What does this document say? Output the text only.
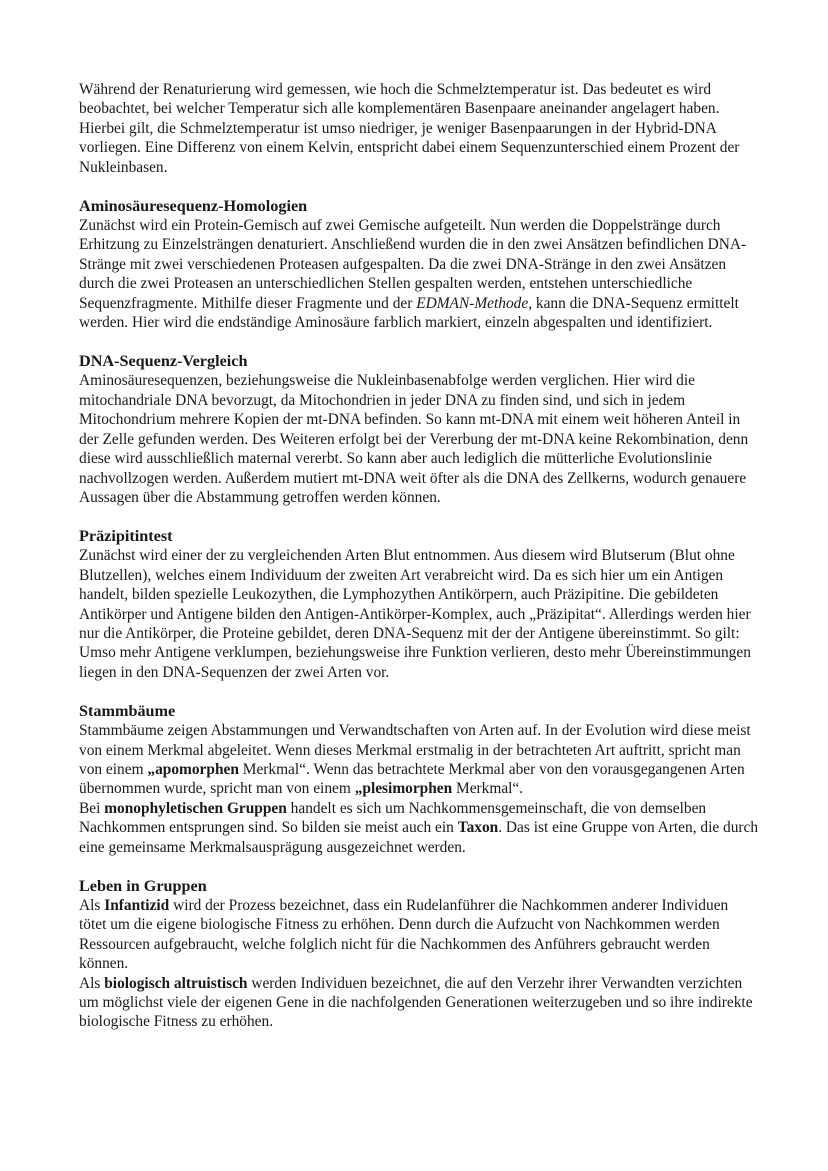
Während der Renaturierung wird gemessen, wie hoch die Schmelztemperatur ist. Das bedeutet es wird beobachtet, bei welcher Temperatur sich alle komplementären Basenpaare aneinander angelagert haben. Hierbei gilt, die Schmelztemperatur ist umso niedriger, je weniger Basenpaarungen in der Hybrid-DNA vorliegen. Eine Differenz von einem Kelvin, entspricht dabei einem Sequenzunterschied einem Prozent der Nukleinbasen.

Aminosäuresequenz-Homologien

Zunächst wird ein Protein-Gemisch auf zwei Gemische aufgeteilt. Nun werden die Doppelstränge durch Erhitzung zu Einzelsträngen denaturiert. Anschließend wurden die in den zwei Ansätzen befindlichen DNA-Stränge mit zwei verschiedenen Proteasen aufgespalten. Da die zwei DNA-Stränge in den zwei Ansätzen durch die zwei Proteasen an unterschiedlichen Stellen gespalten werden, entstehen unterschiedliche Sequenzfragmente. Mithilfe dieser Fragmente und der EDMAN-Methode, kann die DNA-Sequenz ermittelt werden. Hier wird die endständige Aminosäure farblich markiert, einzeln abgespalten und identifiziert.

DNA-Sequenz-Vergleich

Aminosäuresequenzen, beziehungsweise die Nukleinbasenabfolge werden verglichen. Hier wird die mitochandriale DNA bevorzugt, da Mitochondrien in jeder DNA zu finden sind, und sich in jedem Mitochondrium mehrere Kopien der mt-DNA befinden. So kann mt-DNA mit einem weit höheren Anteil in der Zelle gefunden werden. Des Weiteren erfolgt bei der Vererbung der mt-DNA keine Rekombination, denn diese wird ausschließlich maternal vererbt. So kann aber auch lediglich die mütterliche Evolutionslinie nachvollzogen werden. Außerdem mutiert mt-DNA weit öfter als die DNA des Zellkerns, wodurch genauere Aussagen über die Abstammung getroffen werden können.

Präzipitintest

Zunächst wird einer der zu vergleichenden Arten Blut entnommen. Aus diesem wird Blutserum (Blut ohne Blutzellen), welches einem Individuum der zweiten Art verabreicht wird. Da es sich hier um ein Antigen handelt, bilden spezielle Leukozythen, die Lymphozythen Antikörpern, auch Präzipitine. Die gebildeten Antikörper und Antigene bilden den Antigen-Antikörper-Komplex, auch „Präzipitat“. Allerdings werden hier nur die Antikörper, die Proteine gebildet, deren DNA-Sequenz mit der der Antigene übereinstimmt. So gilt: Umso mehr Antigene verklumpen, beziehungsweise ihre Funktion verlieren, desto mehr Übereinstimmungen liegen in den DNA-Sequenzen der zwei Arten vor.

Stammbäume

Stammbäume zeigen Abstammungen und Verwandtschaften von Arten auf. In der Evolution wird diese meist von einem Merkmal abgeleitet. Wenn dieses Merkmal erstmalig in der betrachteten Art auftritt, spricht man von einem „apomorphen Merkmal“. Wenn das betrachtete Merkmal aber von den vorausgegangenen Arten übernommen wurde, spricht man von einem „plesimorphen Merkmal“.

Bei monophyletischen Gruppen handelt es sich um Nachkommensgemeinschaft, die von demselben Nachkommen entsprungen sind. So bilden sie meist auch ein Taxon. Das ist eine Gruppe von Arten, die durch eine gemeinsame Merkmalsausprägung ausgezeichnet werden.

Leben in Gruppen

Als Infantizid wird der Prozess bezeichnet, dass ein Rudelanführer die Nachkommen anderer Individuen tötet um die eigene biologische Fitness zu erhöhen. Denn durch die Aufzucht von Nachkommen werden Ressourcen aufgebraucht, welche folglich nicht für die Nachkommen des Anführers gebraucht werden können.

Als biologisch altruistisch werden Individuen bezeichnet, die auf den Verzehr ihrer Verwandten verzichten um möglichst viele der eigenen Gene in die nachfolgenden Generationen weiterzugeben und so ihre indirekte biologische Fitness zu erhöhen.
